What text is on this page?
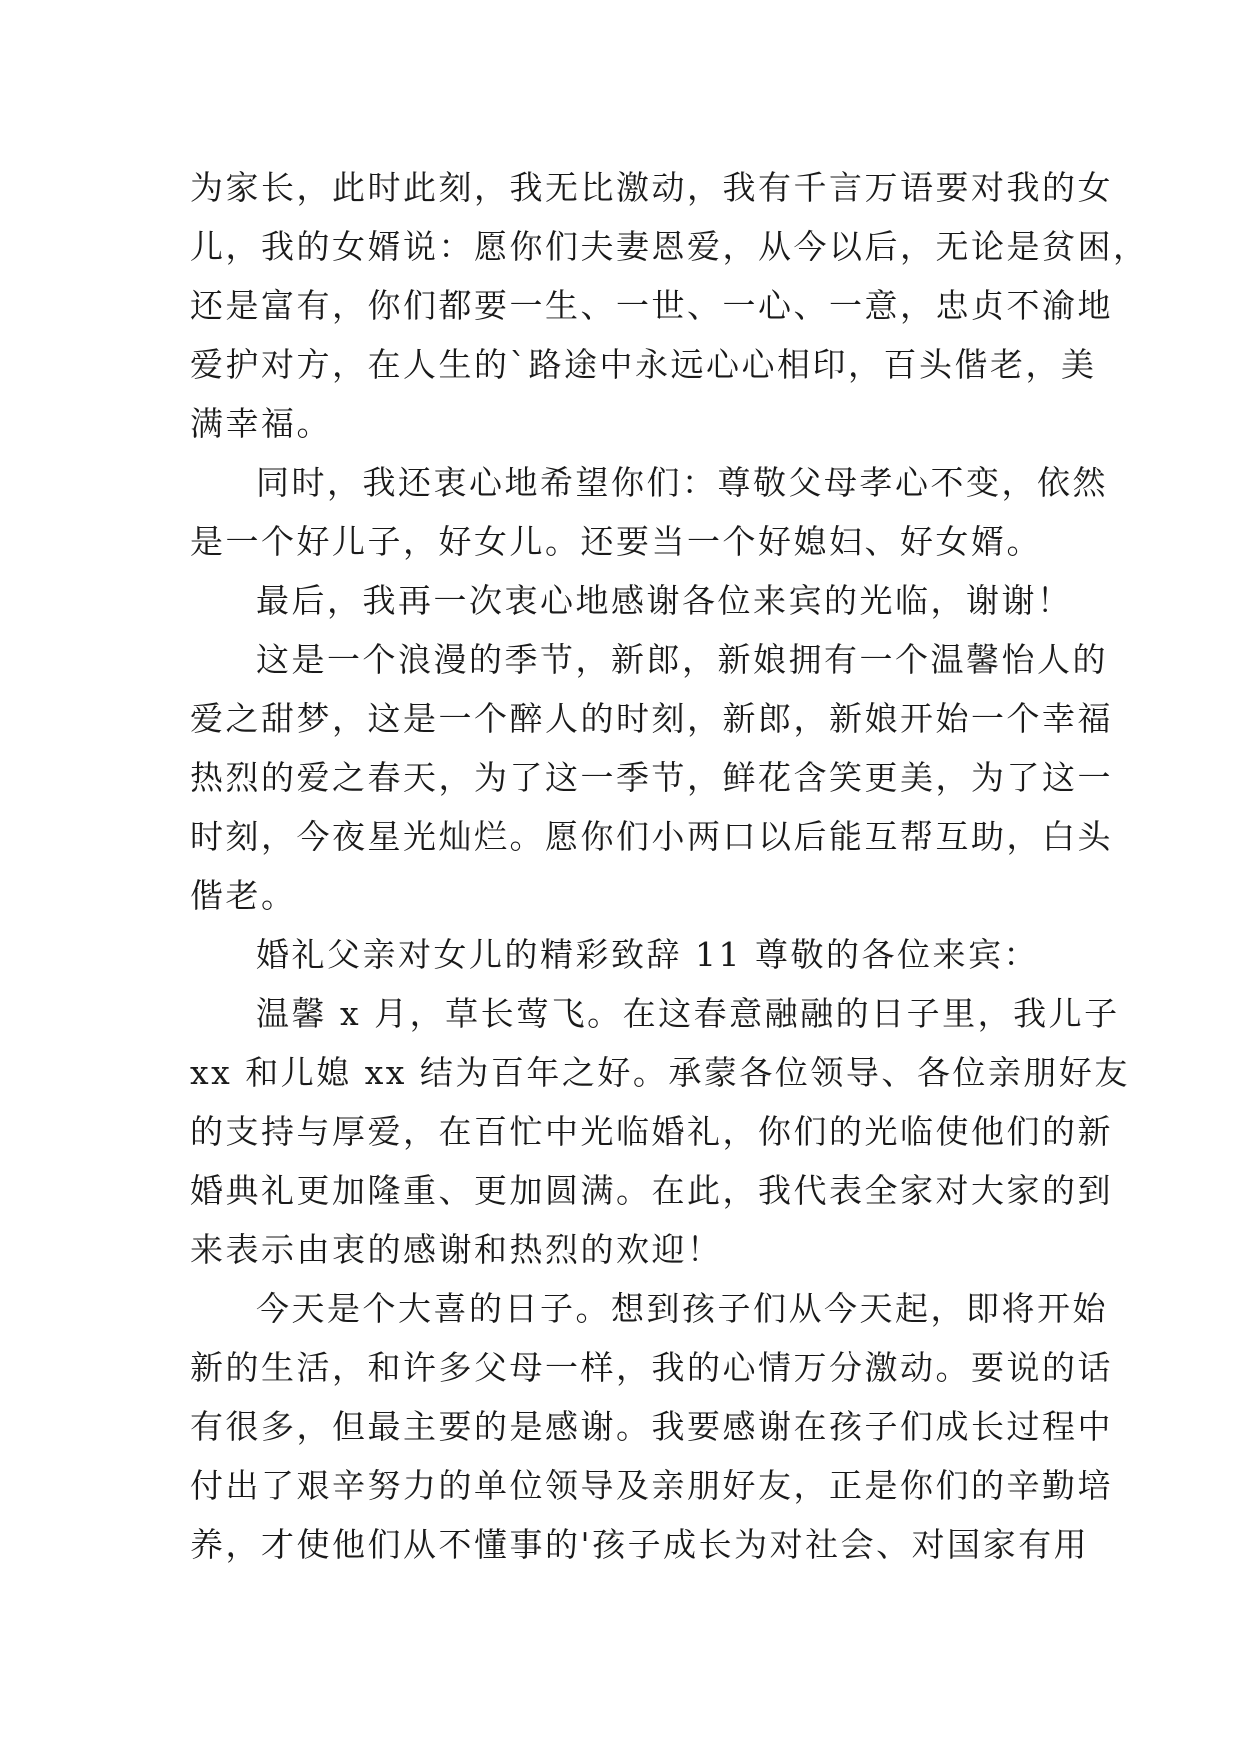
为家长，此时此刻，我无比激动，我有千言万语要对我的女
儿，我的女婿说：愿你们夫妻恩爱，从今以后，无论是贫困，
还是富有，你们都要一生、一世、一心、一意，忠贞不渝地
爱护对方，在人生的`路途中永远心心相印，百头偕老，美
满幸福。
同时，我还衷心地希望你们：尊敬父母孝心不变，依然
是一个好儿子，好女儿。还要当一个好媳妇、好女婿。
最后，我再一次衷心地感谢各位来宾的光临，谢谢！
这是一个浪漫的季节，新郎，新娘拥有一个温馨怡人的
爱之甜梦，这是一个醉人的时刻，新郎，新娘开始一个幸福
热烈的爱之春天，为了这一季节，鲜花含笑更美，为了这一
时刻，今夜星光灿烂。愿你们小两口以后能互帮互助，白头
偕老。
婚礼父亲对女儿的精彩致辞 11 尊敬的各位来宾：
温馨 x 月，草长莺飞。在这春意融融的日子里，我儿子
xx 和儿媳 xx 结为百年之好。承蒙各位领导、各位亲朋好友
的支持与厚爱，在百忙中光临婚礼，你们的光临使他们的新
婚典礼更加隆重、更加圆满。在此，我代表全家对大家的到
来表示由衷的感谢和热烈的欢迎！
今天是个大喜的日子。想到孩子们从今天起，即将开始
新的生活，和许多父母一样，我的心情万分激动。要说的话
有很多，但最主要的是感谢。我要感谢在孩子们成长过程中
付出了艰辛努力的单位领导及亲朋好友，正是你们的辛勤培
养，才使他们从不懂事的'孩子成长为对社会、对国家有用
